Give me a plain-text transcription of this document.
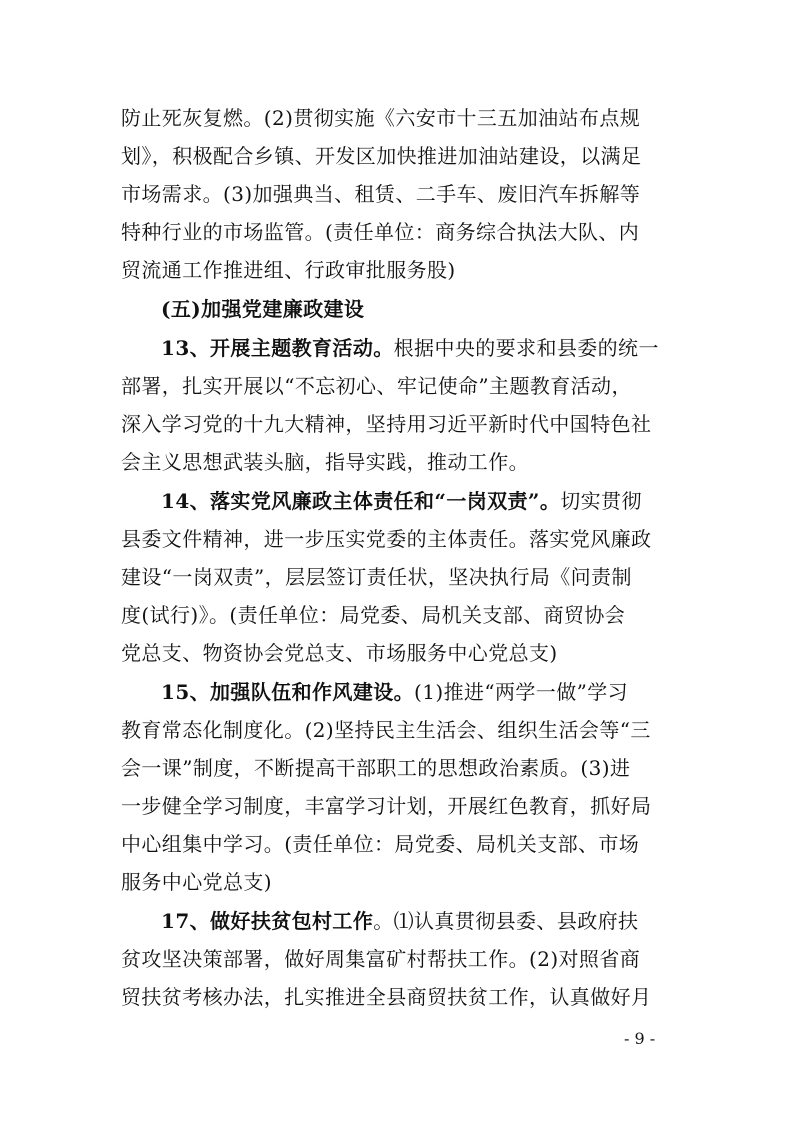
防止死灰复燃。(2)贯彻实施《六安市十三五加油站布点规
划》，积极配合乡镇、开发区加快推进加油站建设，以满足
市场需求。(3)加强典当、租赁、二手车、废旧汽车拆解等
特种行业的市场监管。(责任单位：商务综合执法大队、内
贸流通工作推进组、行政审批服务股)
(五)加强党建廉政建设
13、开展主题教育活动。根据中央的要求和县委的统一
部署，扎实开展以“不忘初心、牢记使命”主题教育活动，
深入学习党的十九大精神，坚持用习近平新时代中国特色社
会主义思想武装头脑，指导实践，推动工作。
14、落实党风廉政主体责任和“一岗双责”。切实贯彻
县委文件精神，进一步压实党委的主体责任。落实党风廉政
建设“一岗双责”，层层签订责任状，坚决执行局《问责制
度(试行)》。(责任单位：局党委、局机关支部、商贸协会
党总支、物资协会党总支、市场服务中心党总支)
15、加强队伍和作风建设。(1)推进“两学一做”学习
教育常态化制度化。(2)坚持民主生活会、组织生活会等“三
会一课”制度，不断提高干部职工的思想政治素质。(3)进
一步健全学习制度，丰富学习计划，开展红色教育，抓好局
中心组集中学习。(责任单位：局党委、局机关支部、市场
服务中心党总支)
17、做好扶贫包村工作。⑴认真贯彻县委、县政府扶
贫攻坚决策部署，做好周集富矿村帮扶工作。(2)对照省商
贸扶贫考核办法，扎实推进全县商贸扶贫工作，认真做好月
- 9 -
